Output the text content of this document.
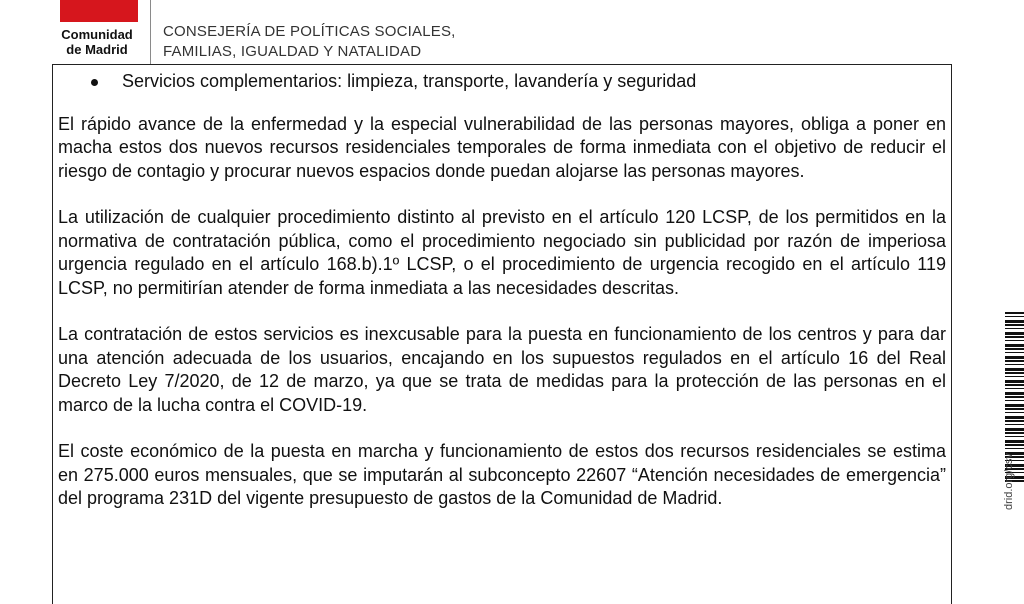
Comunidad de Madrid
CONSEJERÍA DE POLÍTICAS SOCIALES,
FAMILIAS, IGUALDAD Y NATALIDAD
Servicios complementarios: limpieza, transporte, lavandería y seguridad

El rápido avance de la enfermedad y la especial vulnerabilidad de las personas mayores, obliga a poner en macha estos dos nuevos recursos residenciales temporales de forma inmediata con el objetivo de reducir el riesgo de contagio y procurar nuevos espacios donde puedan alojarse las personas mayores.

La utilización de cualquier procedimiento distinto al previsto en el artículo 120 LCSP, de los permitidos en la normativa de contratación pública, como el procedimiento negociado sin publicidad por razón de imperiosa urgencia regulado en el artículo 168.b).1º LCSP, o el procedimiento de urgencia recogido en el artículo 119 LCSP, no permitirían atender de forma inmediata a las necesidades descritas.

La contratación de estos servicios es inexcusable para la puesta en funcionamiento de los centros y para dar una atención adecuada de los usuarios, encajando en los supuestos regulados en el artículo 16 del Real Decreto Ley 7/2020, de 12 de marzo, ya que se trata de medidas para la protección de las personas en el marco de la lucha contra el COVID-19.

El coste económico de la puesta en marcha y funcionamiento de estos dos recursos residenciales se estima en 275.000 euros mensuales, que se imputarán al subconcepto 22607 “Atención necesidades de emergencia” del programa 231D del vigente presupuesto de gastos de la Comunidad de Madrid.	drid.org/csv
